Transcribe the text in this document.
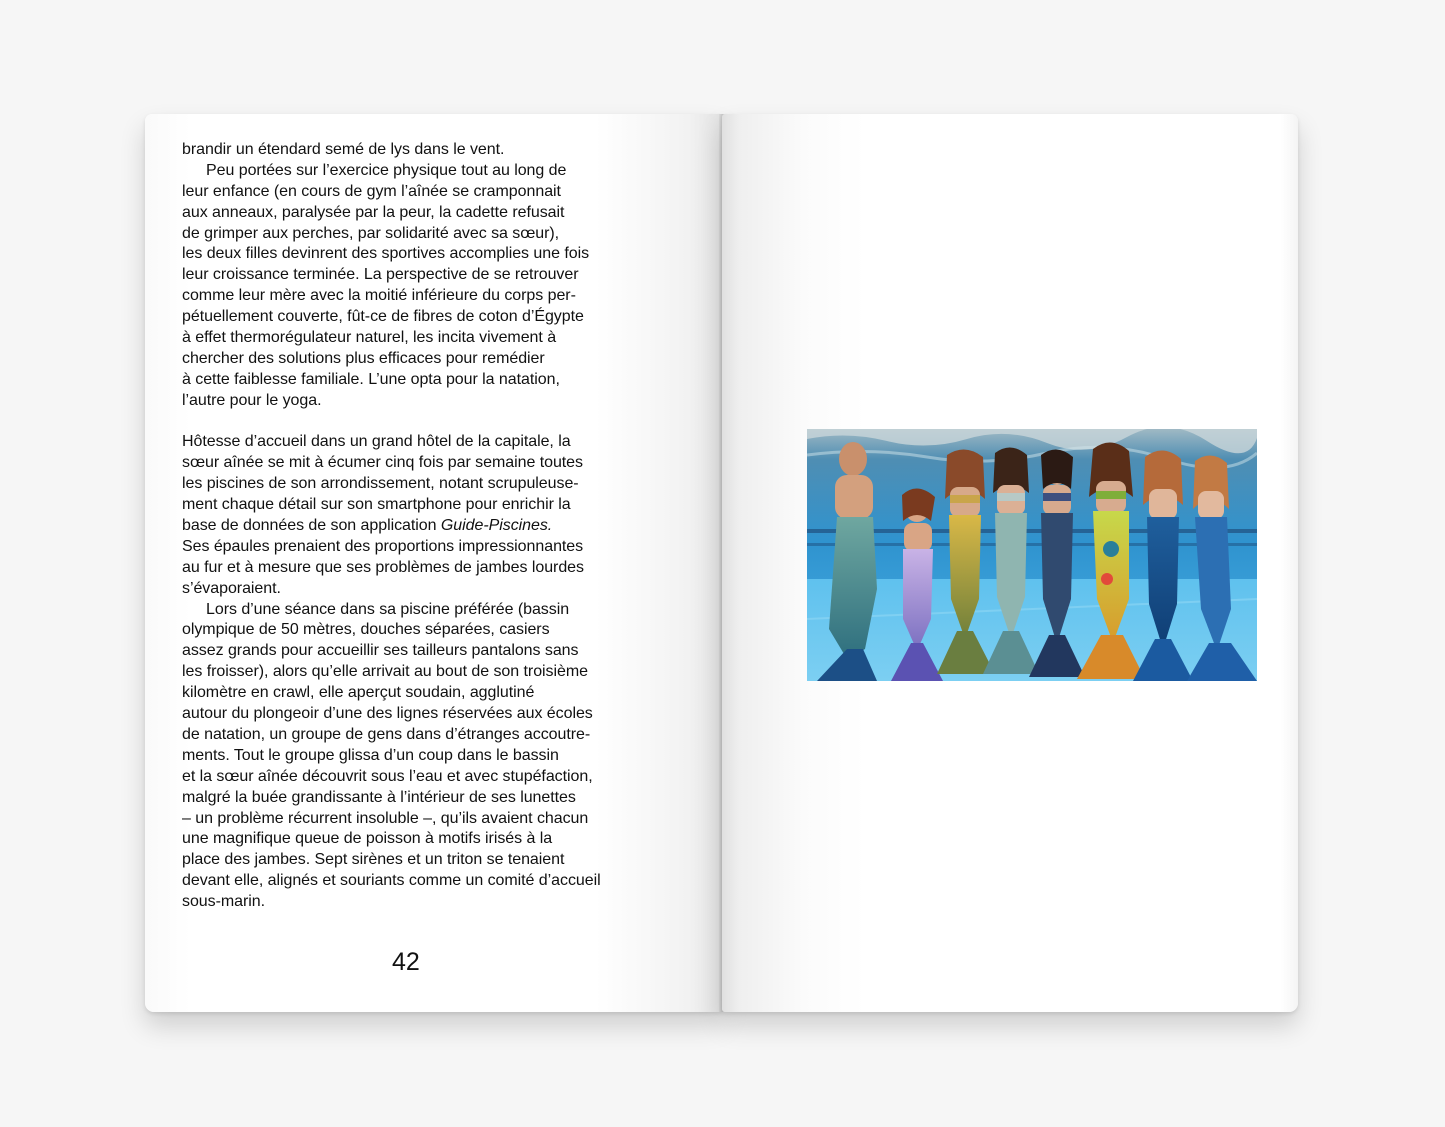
brandir un étendard semé de lys dans le vent.
Peu portées sur l’exercice physique tout au long de
leur enfance (en cours de gym l’aînée se cramponnait
aux anneaux, paralysée par la peur, la cadette refusait
de grimper aux perches, par solidarité avec sa sœur),
les deux filles devinrent des sportives accomplies une fois
leur croissance terminée. La perspective de se retrouver
comme leur mère avec la moitié inférieure du corps per-
pétuellement couverte, fût-ce de fibres de coton d’Égypte
à effet thermorégulateur naturel, les incita vivement à
chercher des solutions plus efficaces pour remédier
à cette faiblesse familiale. L’une opta pour la natation,
l’autre pour le yoga.
Hôtesse d’accueil dans un grand hôtel de la capitale, la
sœur aînée se mit à écumer cinq fois par semaine toutes
les piscines de son arrondissement, notant scrupuleuse-
ment chaque détail sur son smartphone pour enrichir la
base de données de son application Guide-Piscines.
Ses épaules prenaient des proportions impressionnantes
au fur et à mesure que ses problèmes de jambes lourdes
s’évaporaient.
Lors d’une séance dans sa piscine préférée (bassin
olympique de 50 mètres, douches séparées, casiers
assez grands pour accueillir ses tailleurs pantalons sans
les froisser), alors qu’elle arrivait au bout de son troisième
kilomètre en crawl, elle aperçut soudain, agglutiné
autour du plongeoir d’une des lignes réservées aux écoles
de natation, un groupe de gens dans d’étranges accoutre-
ments. Tout le groupe glissa d’un coup dans le bassin
et la sœur aînée découvrit sous l’eau et avec stupéfaction,
malgré la buée grandissante à l’intérieur de ses lunettes
– un problème récurrent insoluble –, qu’ils avaient chacun
une magnifique queue de poisson à motifs irisés à la
place des jambes. Sept sirènes et un triton se tenaient
devant elle, alignés et souriants comme un comité d’accueil
sous-marin.
42
